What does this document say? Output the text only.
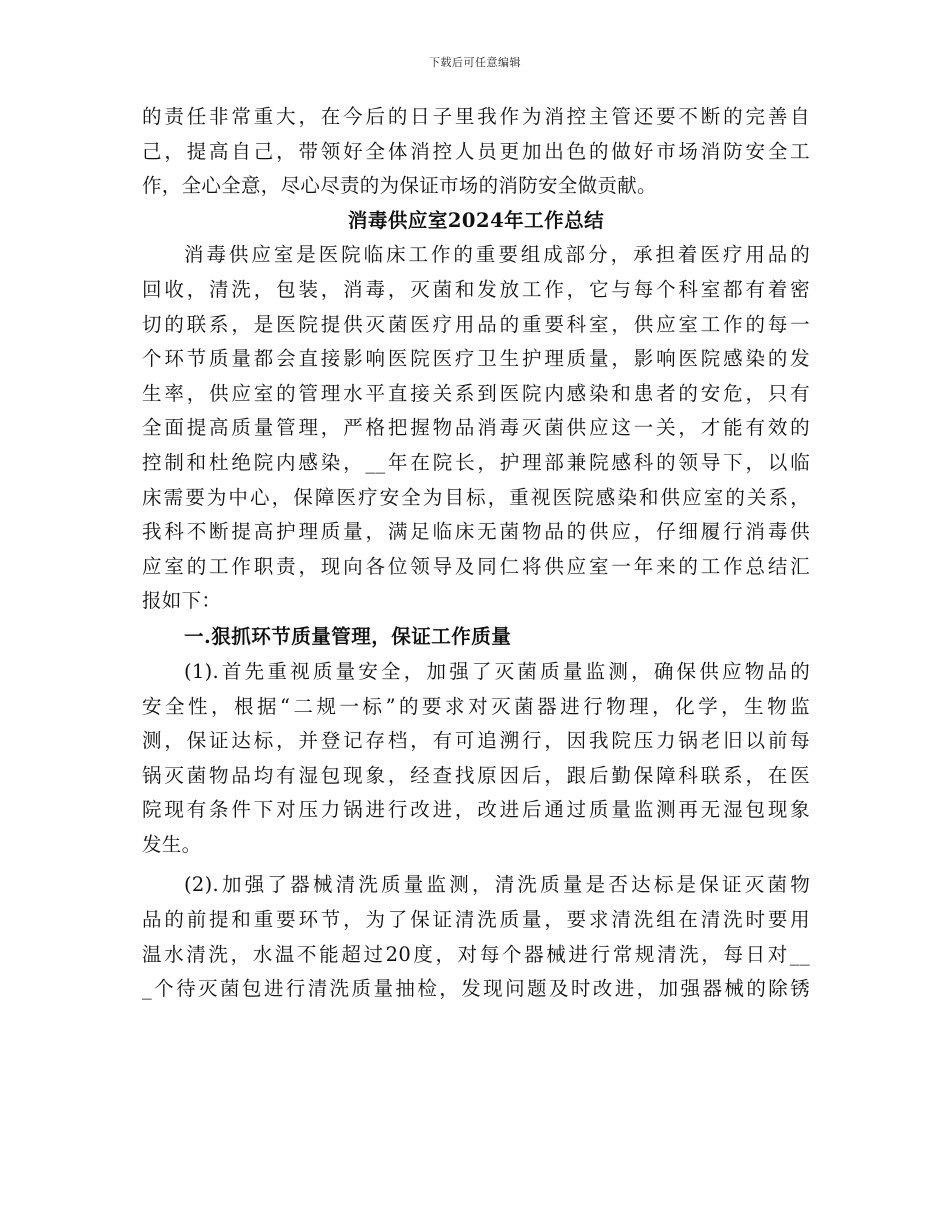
下载后可任意编辑
的责任非常重大，在今后的日子里我作为消控主管还要不断的完善自
己，提高自己，带领好全体消控人员更加出色的做好市场消防安全工
作，全心全意，尽心尽责的为保证市场的消防安全做贡献。
消毒供应室2024年工作总结
消毒供应室是医院临床工作的重要组成部分，承担着医疗用品的
回收，清洗，包装，消毒，灭菌和发放工作，它与每个科室都有着密
切的联系，是医院提供灭菌医疗用品的重要科室，供应室工作的每一
个环节质量都会直接影响医院医疗卫生护理质量，影响医院感染的发
生率，供应室的管理水平直接关系到医院内感染和患者的安危，只有
全面提高质量管理，严格把握物品消毒灭菌供应这一关，才能有效的
控制和杜绝院内感染，__年在院长，护理部兼院感科的领导下，以临
床需要为中心，保障医疗安全为目标，重视医院感染和供应室的关系，
我科不断提高护理质量，满足临床无菌物品的供应，仔细履行消毒供
应室的工作职责，现向各位领导及同仁将供应室一年来的工作总结汇
报如下：
一.狠抓环节质量管理，保证工作质量
(1).首先重视质量安全，加强了灭菌质量监测，确保供应物品的
安全性，根据“二规一标”的要求对灭菌器进行物理，化学，生物监
测，保证达标，并登记存档，有可追溯行，因我院压力锅老旧以前每
锅灭菌物品均有湿包现象，经查找原因后，跟后勤保障科联系，在医
院现有条件下对压力锅进行改进，改进后通过质量监测再无湿包现象
发生。
(2).加强了器械清洗质量监测，清洗质量是否达标是保证灭菌物
品的前提和重要环节，为了保证清洗质量，要求清洗组在清洗时要用
温水清洗，水温不能超过20度，对每个器械进行常规清洗，每日对__
_个待灭菌包进行清洗质量抽检，发现问题及时改进，加强器械的除锈
